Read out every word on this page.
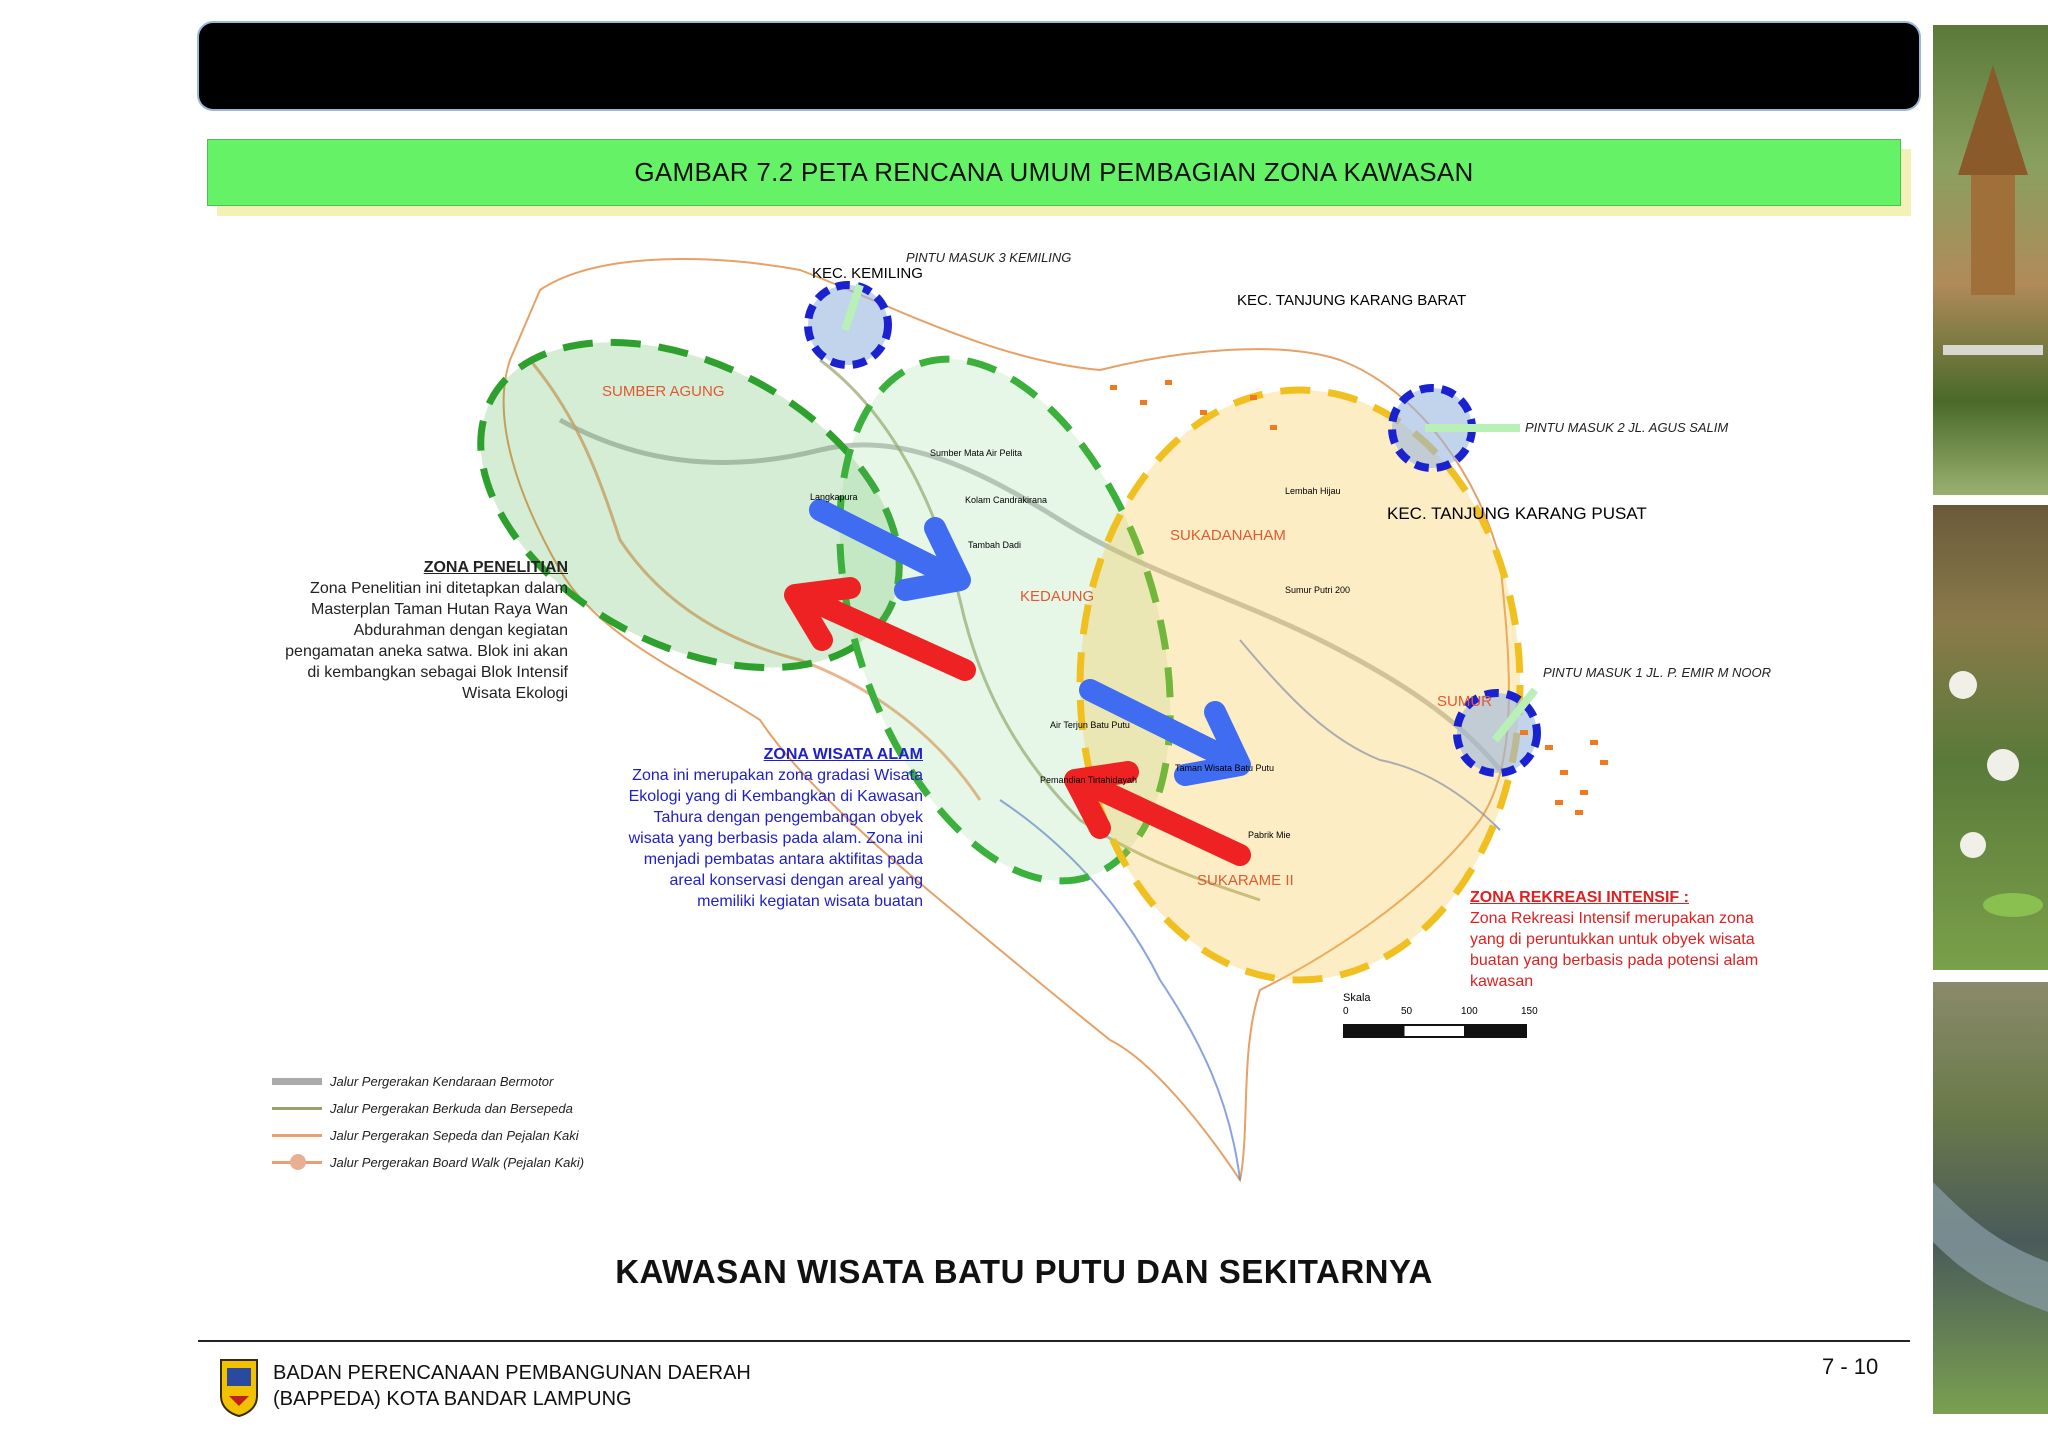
GAMBAR 7.2 PETA RENCANA UMUM PEMBAGIAN ZONA KAWASAN
PINTU MASUK 3 KEMILING
PINTU MASUK 2 JL. AGUS SALIM
PINTU MASUK 1 JL. P. EMIR M NOOR
KEC. KEMILING
KEC. TANJUNG KARANG BARAT
SUMBER AGUNG
KEC. TANJUNG KARANG PUSAT
KEDAUNG
SUKADANAHAM
SUKARAME II
SUMUR
Sumber Mata Air Pelita
Kolam Candrakirana
Tambah Dadi
Langkapura
Lembah Hijau
Sumur Putri 200
Air Terjun Batu Putu
Pemandian Tirtahidayah
Taman Wisata Batu Putu
Pabrik Mie
ZONA PENELITIAN
Zona Penelitian ini ditetapkan dalam
Masterplan Taman Hutan Raya Wan
Abdurahman dengan kegiatan
pengamatan aneka satwa. Blok ini akan
di kembangkan sebagai Blok Intensif
Wisata Ekologi
ZONA WISATA ALAM
Zona ini merupakan zona gradasi Wisata
Ekologi yang di Kembangkan di Kawasan
Tahura dengan pengembangan obyek
wisata yang berbasis pada alam. Zona ini
menjadi pembatas antara aktifitas pada
areal konservasi dengan areal yang
memiliki kegiatan wisata buatan	ZONA REKREASI INTENSIF :
Zona Rekreasi Intensif merupakan zona
yang di peruntukkan untuk obyek wisata
buatan yang berbasis pada potensi alam
kawasan
Skala
0	50	100	150
Jalur Pergerakan Kendaraan Bermotor
Jalur Pergerakan Berkuda dan Bersepeda
Jalur Pergerakan Sepeda dan Pejalan Kaki
Jalur Pergerakan Board Walk (Pejalan Kaki)
KAWASAN WISATA BATU PUTU DAN SEKITARNYA
BADAN PERENCANAAN PEMBANGUNAN DAERAH
(BAPPEDA) KOTA BANDAR LAMPUNG
7 - 10
